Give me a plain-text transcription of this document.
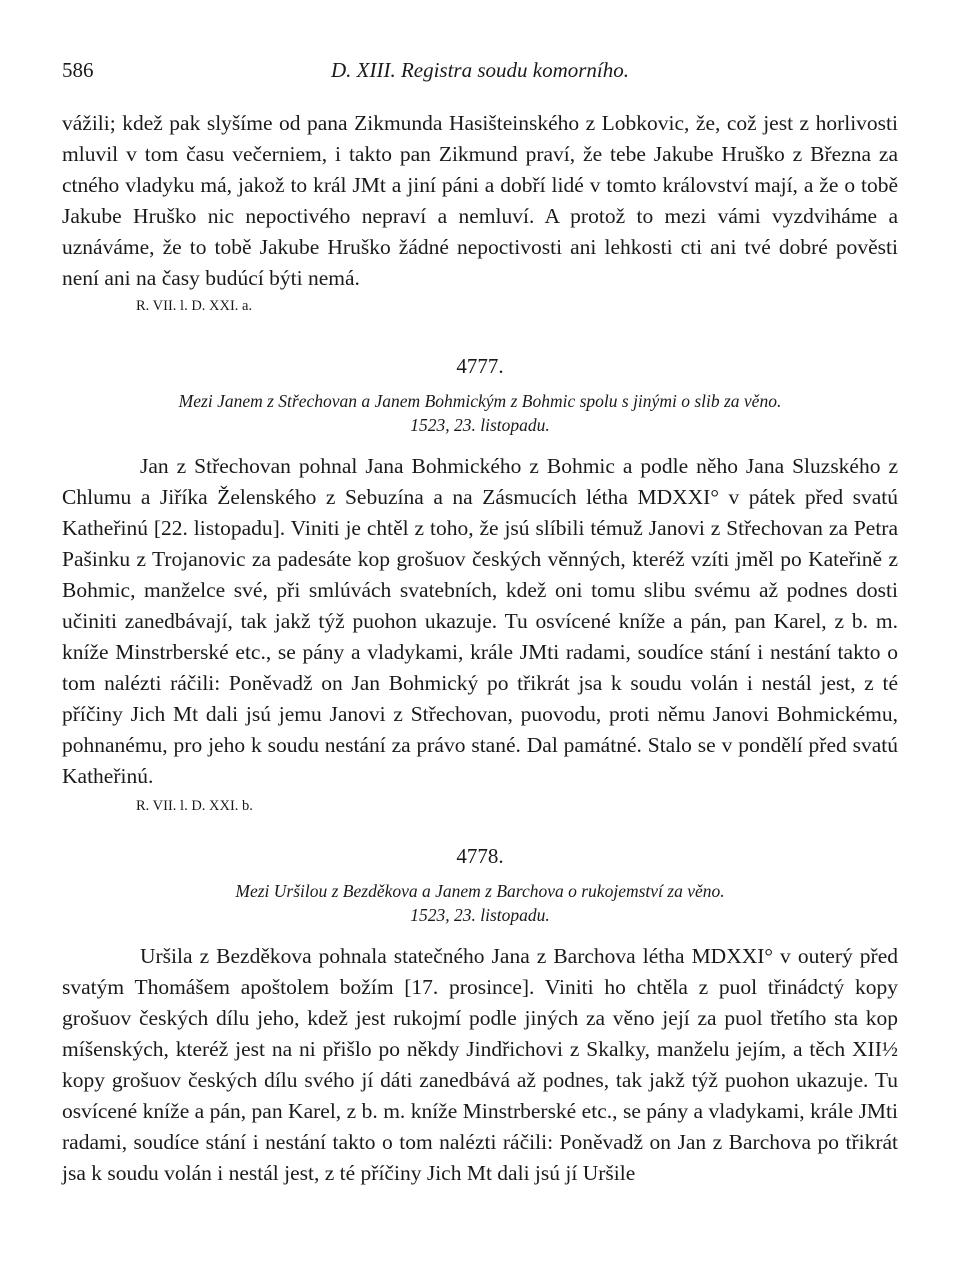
586	D. XIII. Registra soudu komorního.

vážili; kdež pak slyšíme od pana Zikmunda Hasišteinského z Lobkovic, že, což jest z horlivosti mluvil v tom času večerniem, i takto pan Zikmund praví, že tebe Jakube Hruško z Března za ctného vladyku má, jakož to král JMt a jiní páni a dobří lidé v tomto království mají, a že o tobě Jakube Hruško nic nepoctivého nepraví a nemluví. A protož to mezi vámi vyzdviháme a uznáváme, že to tobě Jakube Hruško žádné nepoctivosti ani lehkosti cti ani tvé dobré pověsti není ani na časy budúcí býti nemá.

R. VII. l. D. XXI. a.

4777.

Mezi Janem z Střechovan a Janem Bohmickým z Bohmic spolu s jinými o slib za věno.

1523, 23. listopadu.

Jan z Střechovan pohnal Jana Bohmického z Bohmic a podle něho Jana Sluzského z Chlumu a Jiříka Želenského z Sebuzína a na Zásmucích létha MDXXI° v pátek před svatú Katheřinú [22. listopadu]. Viniti je chtěl z toho, že jsú slíbili témuž Janovi z Střechovan za Petra Pašinku z Trojanovic za padesáte kop grošuov českých věnných, kteréž vzíti jměl po Kateřině z Bohmic, manželce své, při smlúvách svatebních, kdež oni tomu slibu svému až podnes dosti učiniti zanedbávají, tak jakž týž puohon ukazuje. Tu osvícené kníže a pán, pan Karel, z b. m. kníže Minstrberské etc., se pány a vladykami, krále JMti radami, soudíce stání i nestání takto o tom nalézti ráčili: Poněvadž on Jan Bohmický po třikrát jsa k soudu volán i nestál jest, z té příčiny Jich Mt dali jsú jemu Janovi z Střechovan, puovodu, proti němu Janovi Bohmickému, pohnanému, pro jeho k soudu nestání za právo stané. Dal památné. Stalo se v pondělí před svatú Katheřinú.

R. VII. l. D. XXI. b.

4778.

Mezi Uršilou z Bezděkova a Janem z Barchova o rukojemství za věno.

1523, 23. listopadu.

Uršila z Bezděkova pohnala statečného Jana z Barchova létha MDXXI° v outerý před svatým Thomášem apoštolem božím [17. prosince]. Viniti ho chtěla z puol třinádctý kopy grošuov českých dílu jeho, kdež jest rukojmí podle jiných za věno její za puol třetího sta kop míšenských, kteréž jest na ni přišlo po někdy Jindřichovi z Skalky, manželu jejím, a těch XII½ kopy grošuov českých dílu svého jí dáti zanedbává až podnes, tak jakž týž puohon ukazuje. Tu osvícené kníže a pán, pan Karel, z b. m. kníže Minstrberské etc., se pány a vladykami, krále JMti radami, soudíce stání i nestání takto o tom nalézti ráčili: Poněvadž on Jan z Barchova po třikrát jsa k soudu volán i nestál jest, z té příčiny Jich Mt dali jsú jí Uršile
